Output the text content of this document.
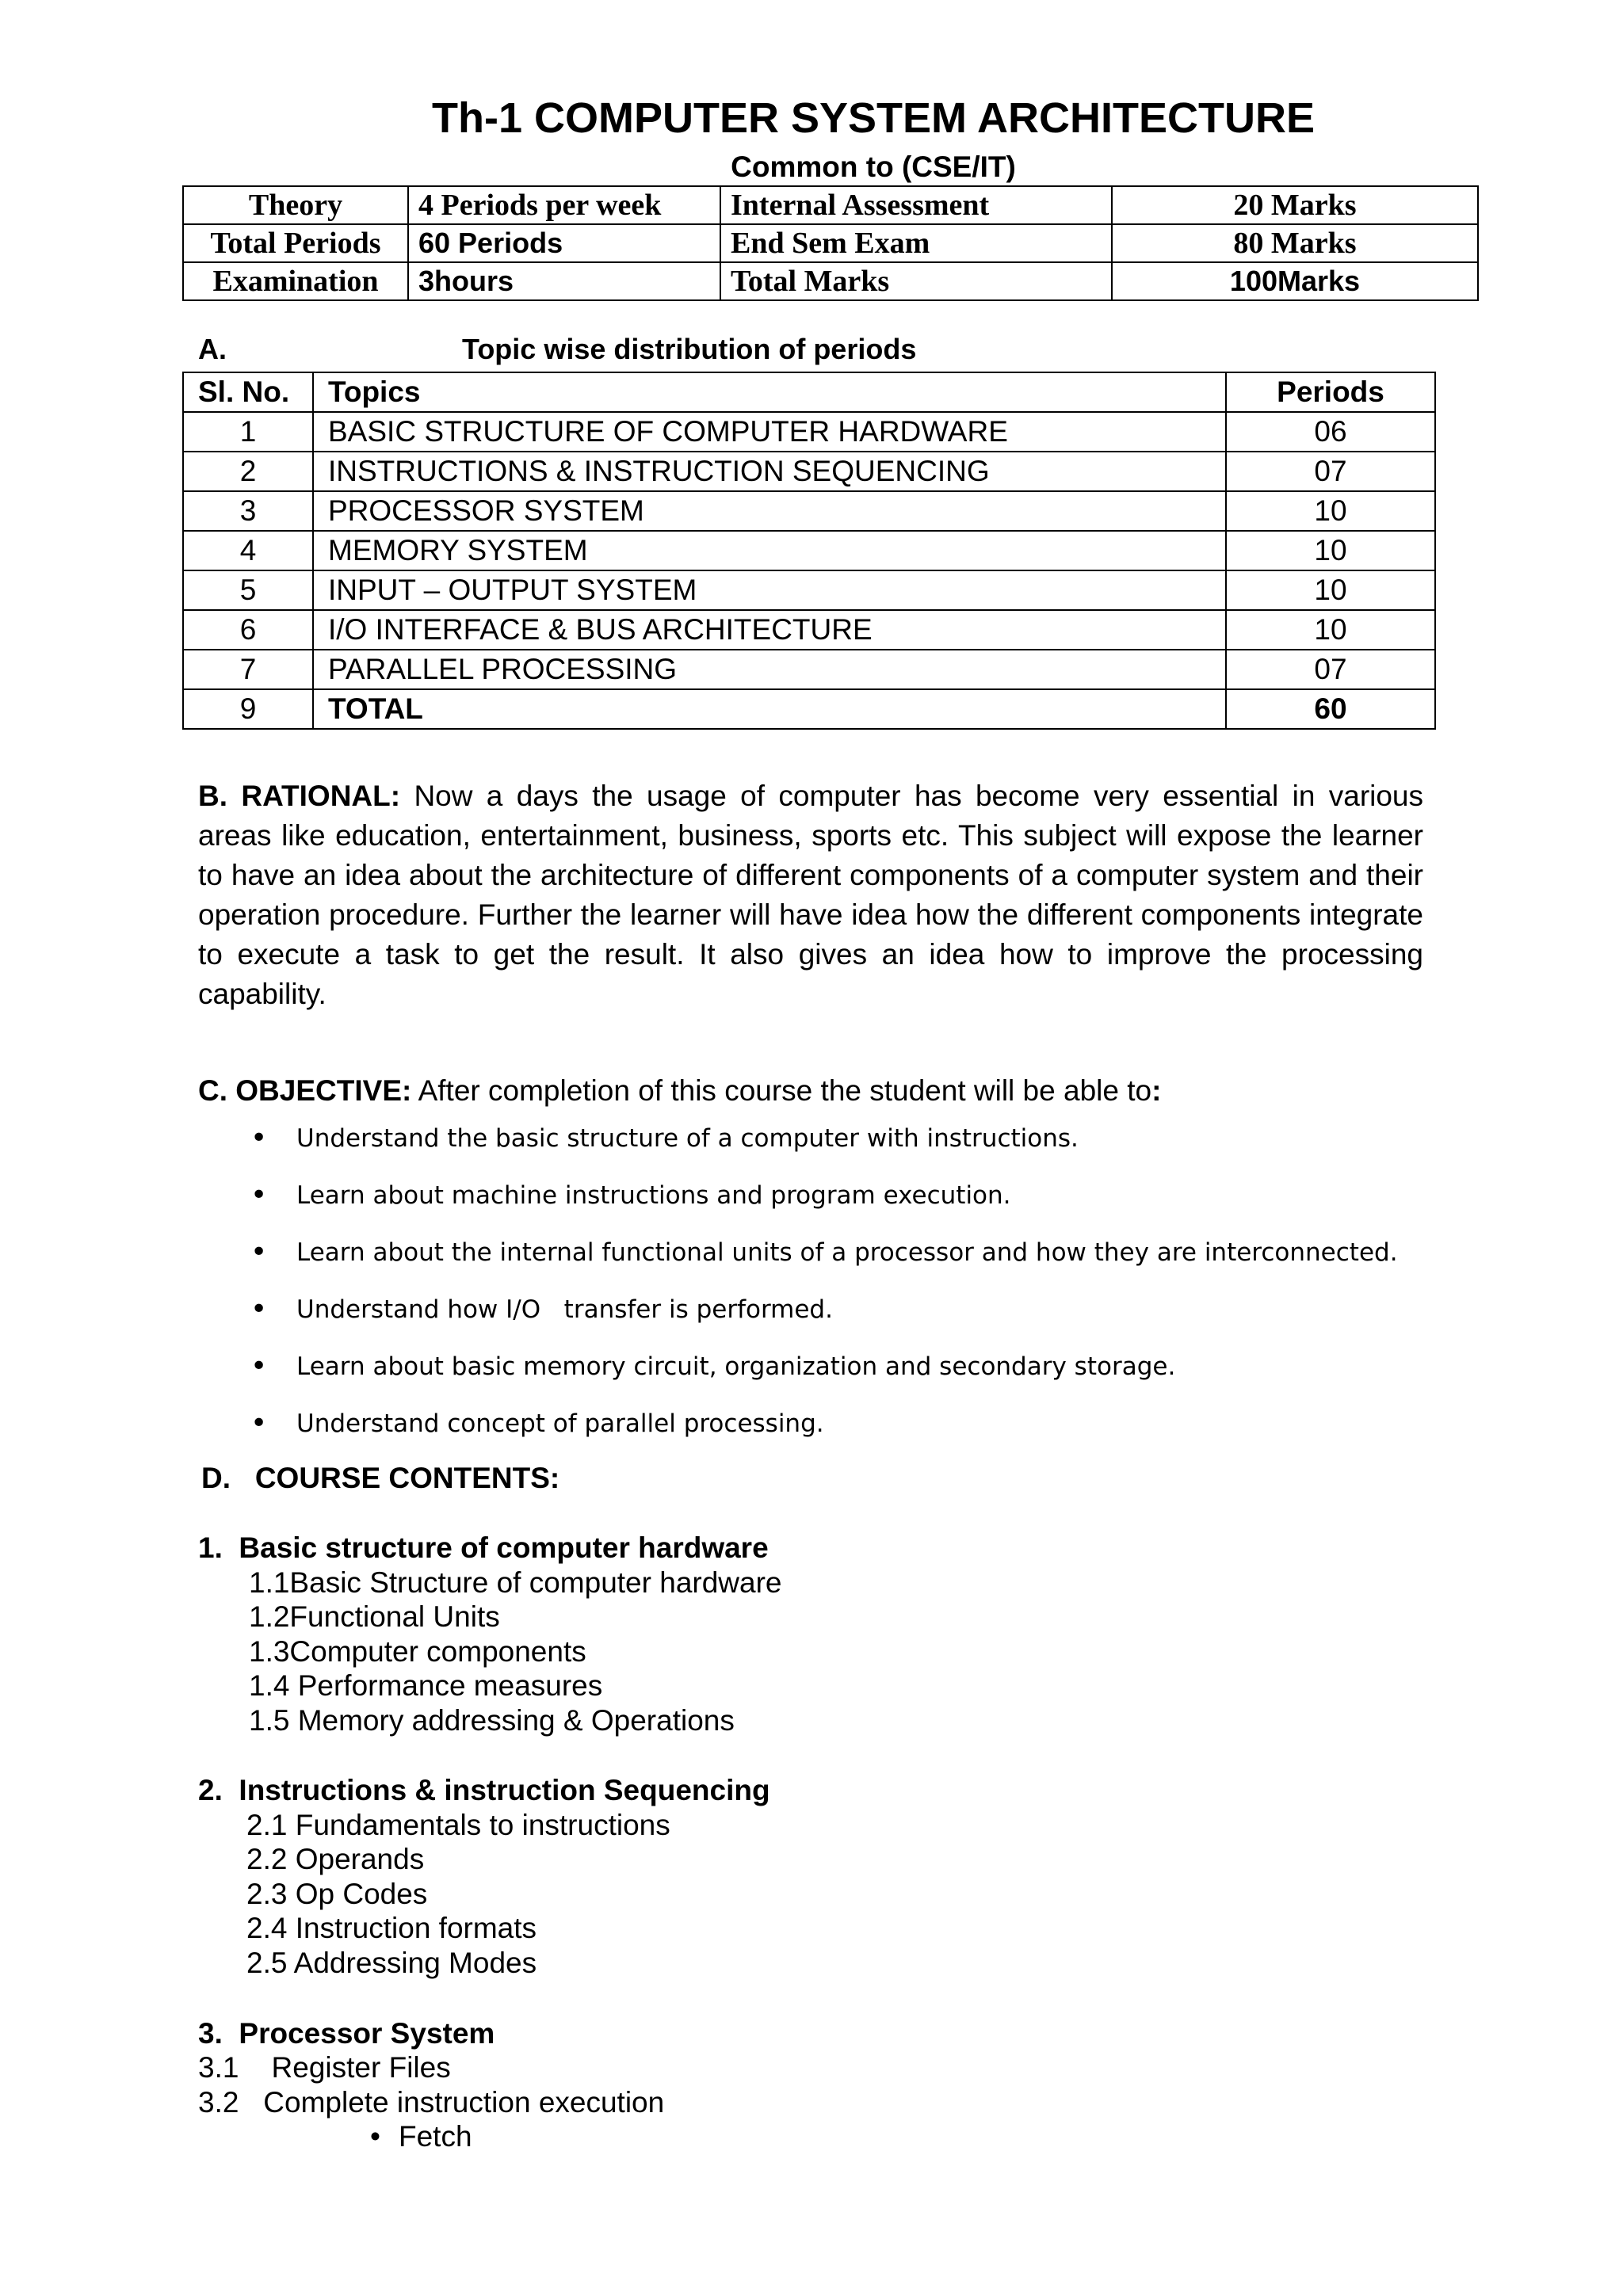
Th-1 COMPUTER SYSTEM ARCHITECTURE
Common to (CSE/IT)
Theory	4 Periods per week	Internal Assessment	20 Marks
Total Periods	60 Periods	End Sem Exam	80 Marks
Examination	3hours	Total Marks	100Marks
A.	Topic wise distribution of periods
Sl. No.	Topics	Periods
1	BASIC STRUCTURE OF COMPUTER HARDWARE	06
2	INSTRUCTIONS & INSTRUCTION SEQUENCING	07
3	PROCESSOR SYSTEM	10
4	MEMORY SYSTEM	10
5	INPUT – OUTPUT SYSTEM	10
6	I/O INTERFACE & BUS ARCHITECTURE	10
7	PARALLEL PROCESSING	07
9	TOTAL	60
B. RATIONAL: Now a days the usage of computer has become very essential in various areas like education, entertainment, business, sports etc. This subject will expose the learner to have an idea about the architecture of different components of a computer system and their operation procedure. Further the learner will have idea how the different components integrate to execute a task to get the result. It also gives an idea how to improve the processing capability.
C. OBJECTIVE: After completion of this course the student will be able to:
• Understand the basic structure of a computer with instructions.
• Learn about machine instructions and program execution.
• Learn about the internal functional units of a processor and how they are interconnected.
• Understand how I/O   transfer is performed.
• Learn about basic memory circuit, organization and secondary storage.
• Understand concept of parallel processing.
D.   COURSE CONTENTS:
1.  Basic structure of computer hardware
1.1Basic Structure of computer hardware
1.2Functional Units
1.3Computer components
1.4 Performance measures
1.5 Memory addressing & Operations
2.  Instructions & instruction Sequencing
2.1 Fundamentals to instructions
2.2 Operands
2.3 Op Codes
2.4 Instruction formats
2.5 Addressing Modes
3.  Processor System
3.1    Register Files
3.2   Complete instruction execution
• Fetch
